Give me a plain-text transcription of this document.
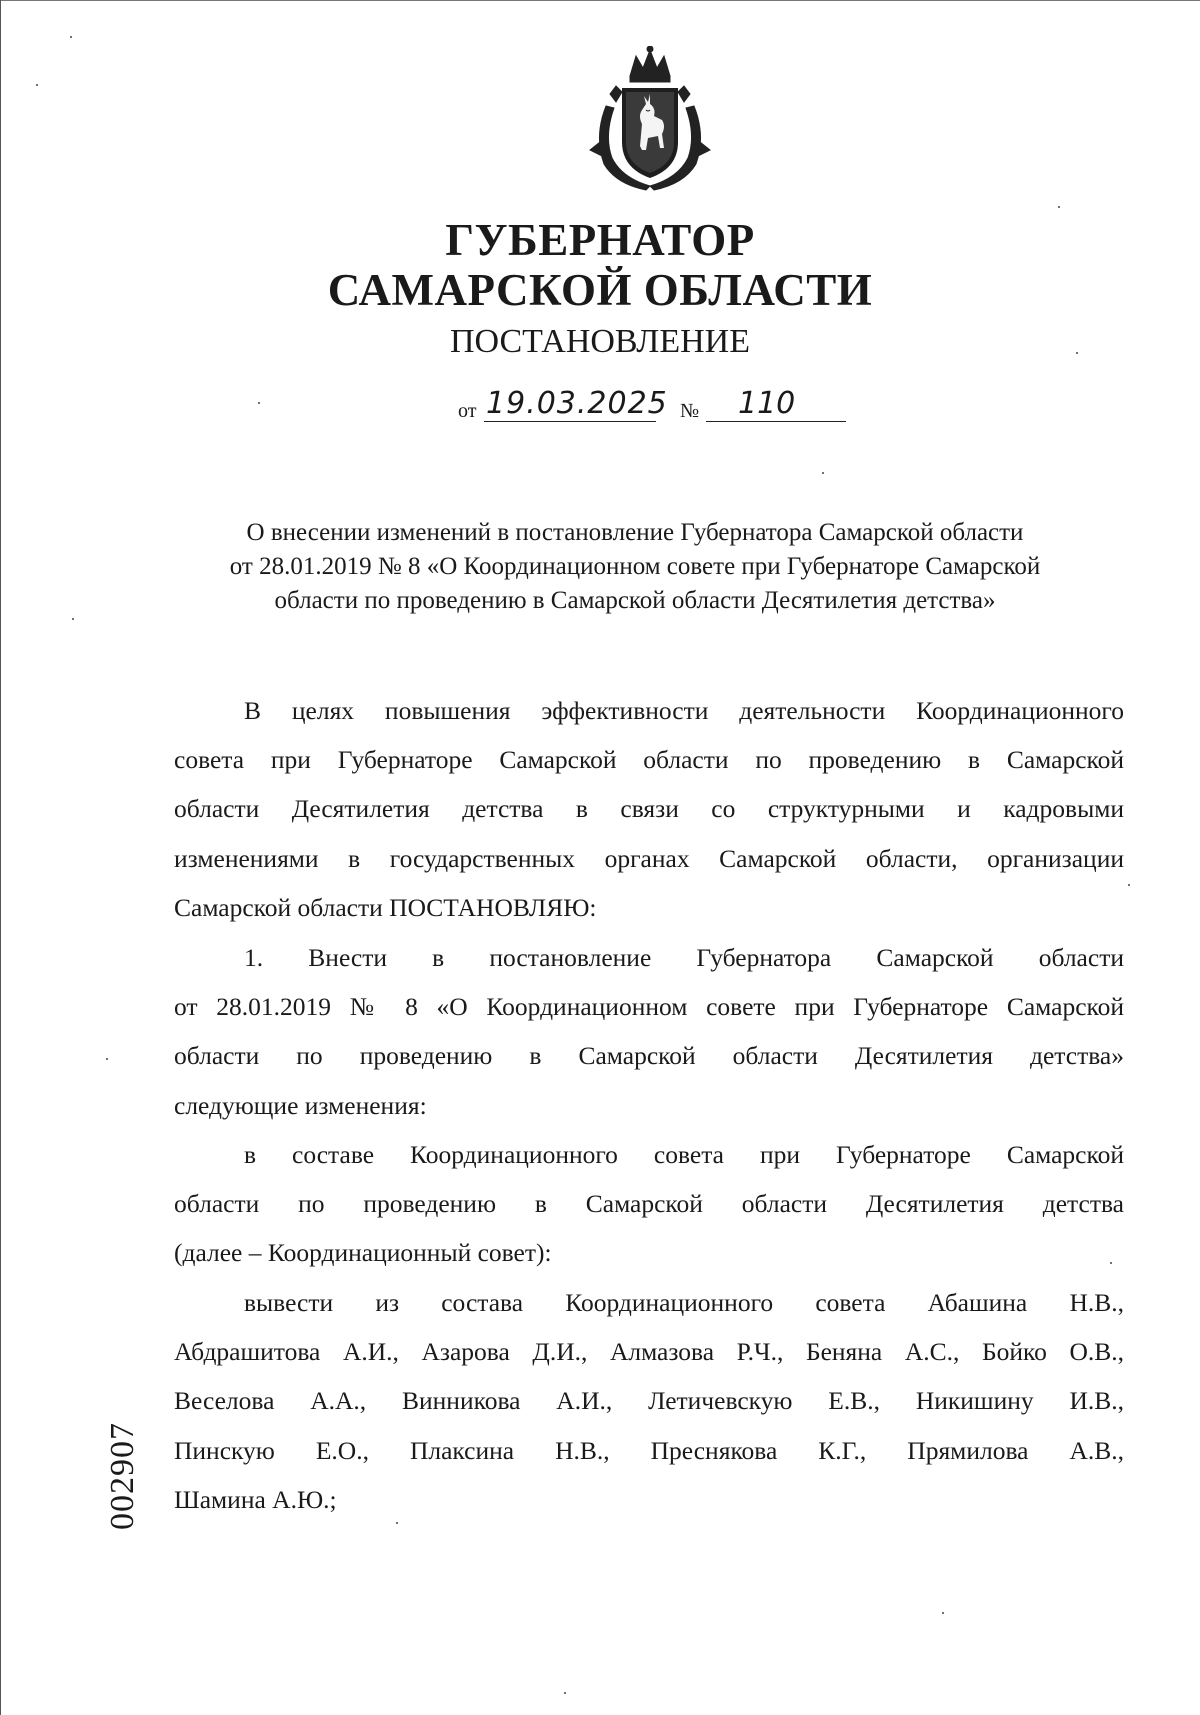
ГУБЕРНАТОР
САМАРСКОЙ ОБЛАСТИ
ПОСТАНОВЛЕНИЕ
от 19.03.2025 №	110
О внесении изменений в постановление Губернатора Самарской области
от 28.01.2019 № 8 «О Координационном совете при Губернаторе Самарской
области по проведению в Самарской области Десятилетия детства»
В целях повышения эффективности деятельности Координационного
совета при Губернаторе Самарской области по проведению в Самарской
области Десятилетия детства в связи со структурными и кадровыми
изменениями в государственных органах Самарской области, организации
Самарской области ПОСТАНОВЛЯЮ:
1. Внести в постановление Губернатора Самарской области
от 28.01.2019 № 8 «О Координационном совете при Губернаторе Самарской
области по проведению в Самарской области Десятилетия детства»
следующие изменения:
в составе Координационного совета при Губернаторе Самарской
области по проведению в Самарской области Десятилетия детства
(далее – Координационный совет):
вывести из состава Координационного совета Абашина Н.В.,
Абдрашитова А.И., Азарова Д.И., Алмазова Р.Ч., Беняна А.С., Бойко О.В.,
Веселова А.А., Винникова А.И., Летичевскую Е.В., Никишину И.В.,
Пинскую Е.О., Плаксина Н.В., Преснякова К.Г., Прямилова А.В.,
Шамина А.Ю.;
002907
